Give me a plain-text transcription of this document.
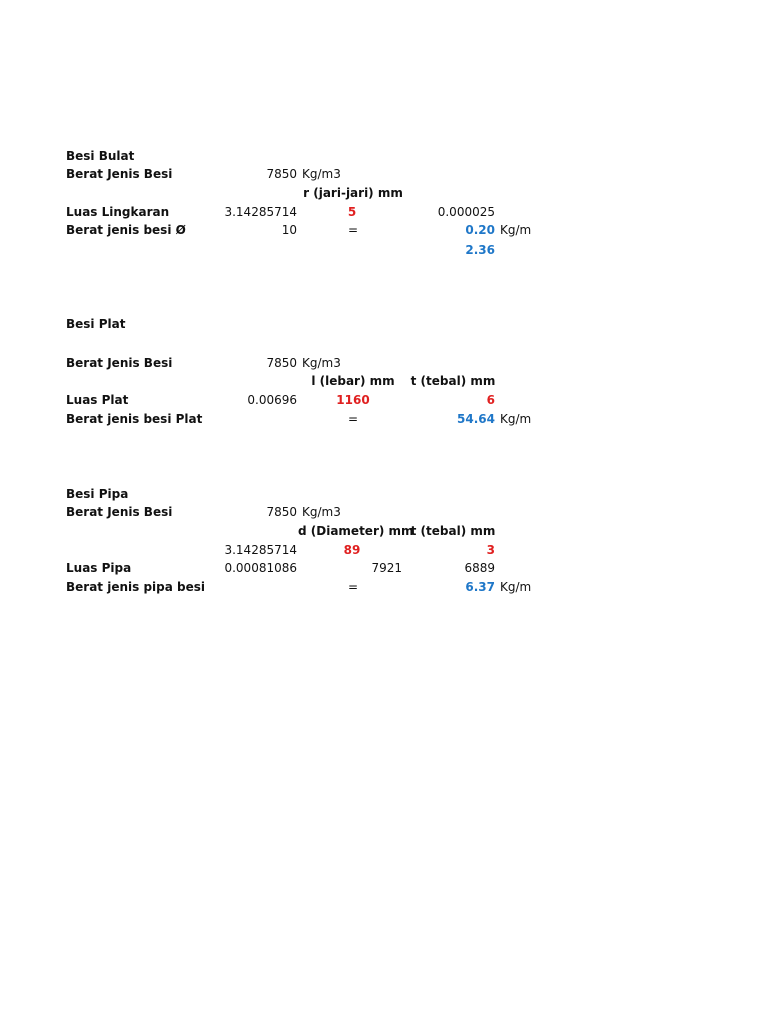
Besi Bulat
Berat Jenis Besi	7850 Kg/m3
r (jari-jari) mm
Luas Lingkaran	3.14285714	5	0.000025
Berat jenis besi Ø	10	=	0.20 Kg/m
2.36
Besi Plat
Berat Jenis Besi	7850 Kg/m3
l (lebar) mm t (tebal) mm
Luas Plat	0.00696	1160	6
Berat jenis besi Plat	=	54.64 Kg/m
Besi Pipa
Berat Jenis Besi	7850 Kg/m3
d (Diameter) mm
t (tebal) mm
3.14285714	89	3
Luas Pipa	0.00081086	7921	6889
Berat jenis pipa besi	=	6.37 Kg/m
